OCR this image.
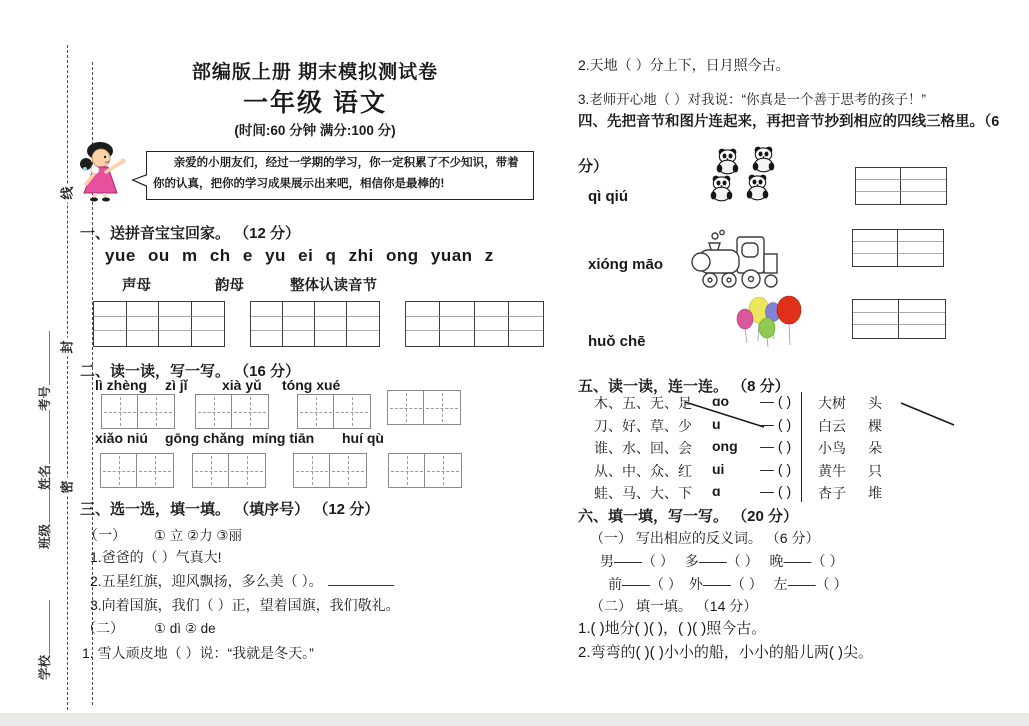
线
封
密
学校
班级
姓名
考号
部编版上册 期末模拟测试卷
一年级 语文
(时间:60 分钟 满分:100 分)
亲爱的小朋友们，经过一学期的学习，你一定积累了不少知识，带着
你的认真，把你的学习成果展示出来吧，相信你是最棒的!
一、送拼音宝宝回家。 （12 分）
yue ou m ch e yu ei q zhi ong yuan z
声母	韵母	整体认读音节
二、读一读，写一写。 （16 分）
lì zhèng zì jǐ xià yǔ tóng xué
xiǎo niú gōng chǎng míng tiān huí qù
三、选一选，填一填。 （填序号） （12 分）
（一） ① 立 ②力 ③丽
1.爸爸的（ ）气真大!
2.五星红旗，迎风飘扬，多么美（ ）。
3.向着国旗，我们（ ）正，望着国旗，我们敬礼。
（二） ① dì ② de
1. 雪人顽皮地（ ）说：“我就是冬天。”
2.天地（ ）分上下，日月照今古。
3.老师开心地（ ）对我说：“你真是一个善于思考的孩子！”
四、先把音节和图片连起来，再把音节抄到相应的四线三格里。（6
分）
qì qiú
xióng māo
huǒ chē
五、读一读，连一连。 （8 分）
木、五、无、足	ɑo	— ( )	大树	头
刀、好、草、少	u	— ( )	白云	棵
谁、水、回、会	ong	— ( )	小鸟	朵
从、中、众、红	ui	— ( )	黄牛	只
蛙、马、大、下	ɑ	— ( )	杏子	堆
六、填一填，写一写。 （20 分）
（一） 写出相应的反义词。 （6 分）
男——（ ）　 多——（ ）　 晚——（ ）
前——（ ）　外——（ ）　 左——（ ）
（二） 填一填。 （14 分）
1.( )地分( )( )，( )( )照今古。
2.弯弯的( )( )小小的船，小小的船儿两( )尖。
